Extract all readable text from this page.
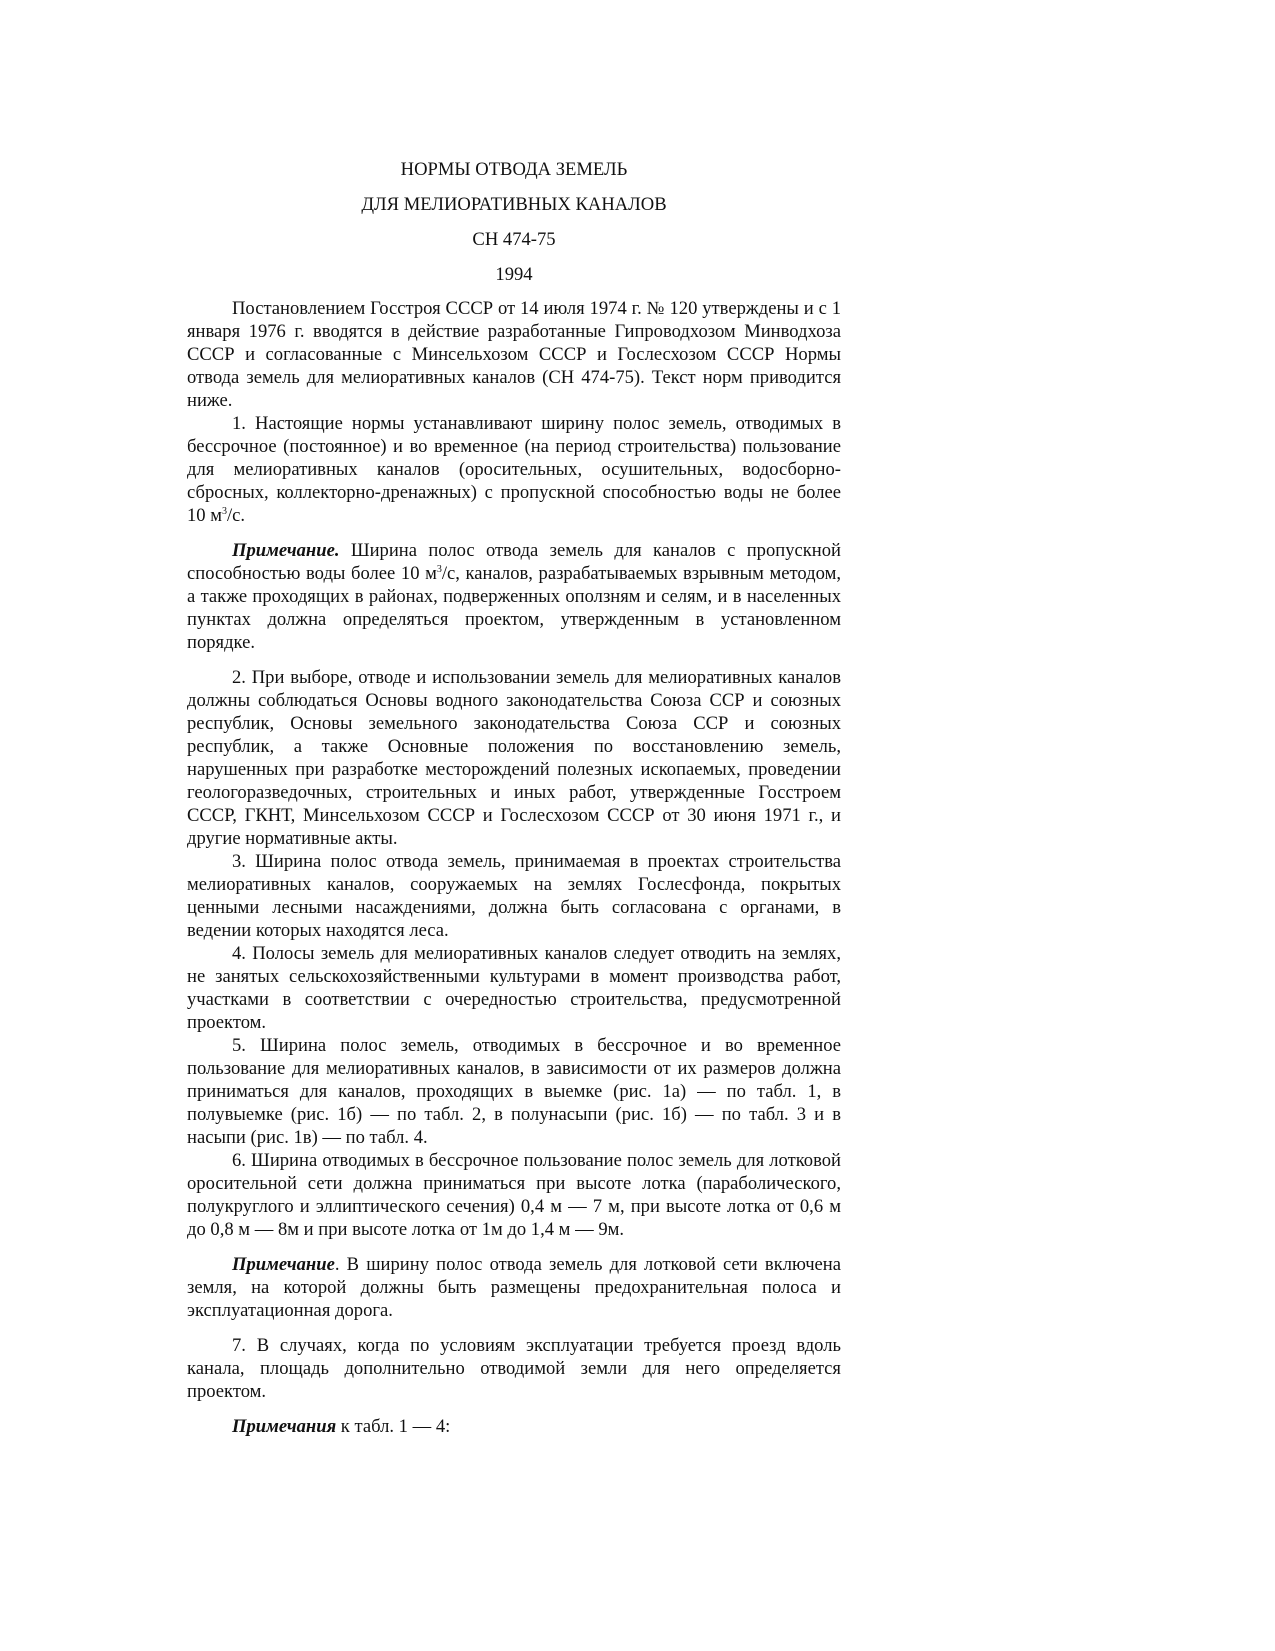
НОРМЫ ОТВОДА ЗЕМЕЛЬ
ДЛЯ МЕЛИОРАТИВНЫХ КАНАЛОВ
СН 474-75
1994

Постановлением Госстроя СССР от 14 июля 1974 г. № 120 утверждены и с 1 января 1976 г. вводятся в действие разработанные Гипроводхозом Минводхоза СССР и согласованные с Минсельхозом СССР и Гослесхозом СССР Нормы отвода земель для мелиоративных каналов (СН 474-75). Текст норм приводится ниже.

1. Настоящие нормы устанавливают ширину полос земель, отводимых в бессрочное (постоянное) и во временное (на период строительства) пользование для мелиоративных каналов (оросительных, осушительных, водосборно-сбросных, коллекторно-дренажных) с пропускной способностью воды не более 10 $м^3/с$.

Примечание. Ширина полос отвода земель для каналов с пропускной способностью воды более 10 $м^3/с$, каналов, разрабатываемых взрывным методом, а также проходящих в районах, подверженных оползням и селям, и в населенных пунктах должна определяться проектом, утвержденным в установленном порядке.

2. При выборе, отводе и использовании земель для мелиоративных каналов должны соблюдаться Основы водного законодательства Союза ССР и союзных республик, Основы земельного законодательства Союза ССР и союзных республик, а также Основные положения по восстановлению земель, нарушенных при разработке месторождений полезных ископаемых, проведении геологоразведочных, строительных и иных работ, утвержденные Госстроем СССР, ГКНТ, Минсельхозом СССР и Гослесхозом СССР от 30 июня 1971 г., и другие нормативные акты.

3. Ширина полос отвода земель, принимаемая в проектах строительства мелиоративных каналов, сооружаемых на землях Гослесфонда, покрытых ценными лесными насаждениями, должна быть согласована с органами, в ведении которых находятся леса.

4. Полосы земель для мелиоративных каналов следует отводить на землях, не занятых сельскохозяйственными культурами в момент производства работ, участками в соответствии с очередностью строительства, предусмотренной проектом.

5. Ширина полос земель, отводимых в бессрочное и во временное пользование для мелиоративных каналов, в зависимости от их размеров должна приниматься для каналов, проходящих в выемке (рис. 1а) — по табл. 1, в полувыемке (рис. 1б) — по табл. 2, в полунасыпи (рис. 1б) — по табл. 3 и в насыпи (рис. 1в) — по табл. 4.

6. Ширина отводимых в бессрочное пользование полос земель для лотковой оросительной сети должна приниматься при высоте лотка (параболического, полукруглого и эллиптического сечения) 0,4 м — 7 м, при высоте лотка от 0,6 м до 0,8 м — 8м и при высоте лотка от 1м до 1,4 м — 9м.

Примечание. В ширину полос отвода земель для лотковой сети включена земля, на которой должны быть размещены предохранительная полоса и эксплуатационная дорога.

7. В случаях, когда по условиям эксплуатации требуется проезд вдоль канала, площадь дополнительно отводимой земли для него определяется проектом.

Примечания к табл. 1 — 4:
